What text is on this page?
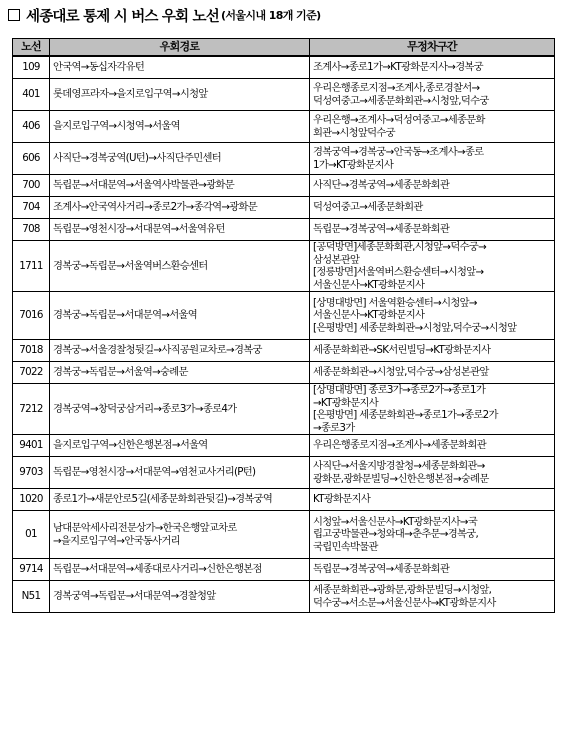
세종대로 통제 시 버스 우회 노선 (서울시내 18개 기준)
노선	우회경로	무정차구간
109	안국역→동십자각유턴	조계사→종로1가→KT광화문지사→경복궁
401	롯데영프라자→을지로입구역→시청앞	우리은행종로지점→조계사,종로경찰서→
덕성여중고→세종문화회관→시청앞,덕수궁
406	을지로입구역→시청역→서울역	우리은행→조계사→덕성여중고→세종문화
회관→시청앞덕수궁
606	사직단→경복궁역(U턴)→사직단주민센터	경복궁역→경복궁→안국동→조계사→종로
1가→KT광화문지사
700	독립문→서대문역→서울역사박물관→광화문	사직단→경복궁역→세종문화회관
704	조계사→안국역사거리→종로2가→종각역→광화문	덕성여중고→세종문화회관
708	독립문→영천시장→서대문역→서울역유턴	독립문→경복궁역→세종문화회관
1711	경복궁→독립문→서울역버스환승센터	[공덕방면]세종문화회관,시청앞→덕수궁→
삼성본관앞
[정릉방면]서울역버스환승센터→시청앞→
서울신문사→KT광화문지사
7016	경복궁→독립문→서대문역→서울역	[상명대방면] 서울역환승센터→시청앞→
서울신문사→KT광화문지사
[은평방면] 세종문화회관→시청앞,덕수궁→시청앞
7018	경복궁→서울경찰청뒷길→사직공원교차로→경복궁	세종문화회관→SK서린빌딩→KT광화문지사
7022	경복궁→독립문→서울역→숭례문	세종문화회관→시청앞,덕수궁→삼성본관앞
7212	경복궁역→창덕궁삼거리→종로3가→종로4가	[상명대방면] 종로3가→종로2가→종로1가
→KT광화문지사
[은평방면] 세종문화회관→종로1가→종로2가
→종로3가
9401	을지로입구역→신한은행본점→서울역	우리은행종로지점→조계사→세종문화회관
9703	독립문→영천시장→서대문역→염천교사거리(P턴)	사직단→서울지방경찰청→세종문화회관→
광화문,광화문빌딩→신한은행본점→숭례문
1020	종로1가→새문안로5길(세종문화회관뒷길)→경복궁역	KT광화문지사
01	남대문악세사리전문상가→한국은행앞교차로
→을지로입구역→안국동사거리	시청앞→서울신문사→KT광화문지사→국
립고궁박물관→청와대→춘추문→경복궁,
국립민속박물관
9714	독립문→서대문역→세종대로사거리→신한은행본점	독립문→경복궁역→세종문화회관
N51	경복궁역→독립문→서대문역→경찰청앞	세종문화회관→광화문,광화문빌딩→시청앞,
덕수궁→서소문→서울신문사→KT광화문지사
